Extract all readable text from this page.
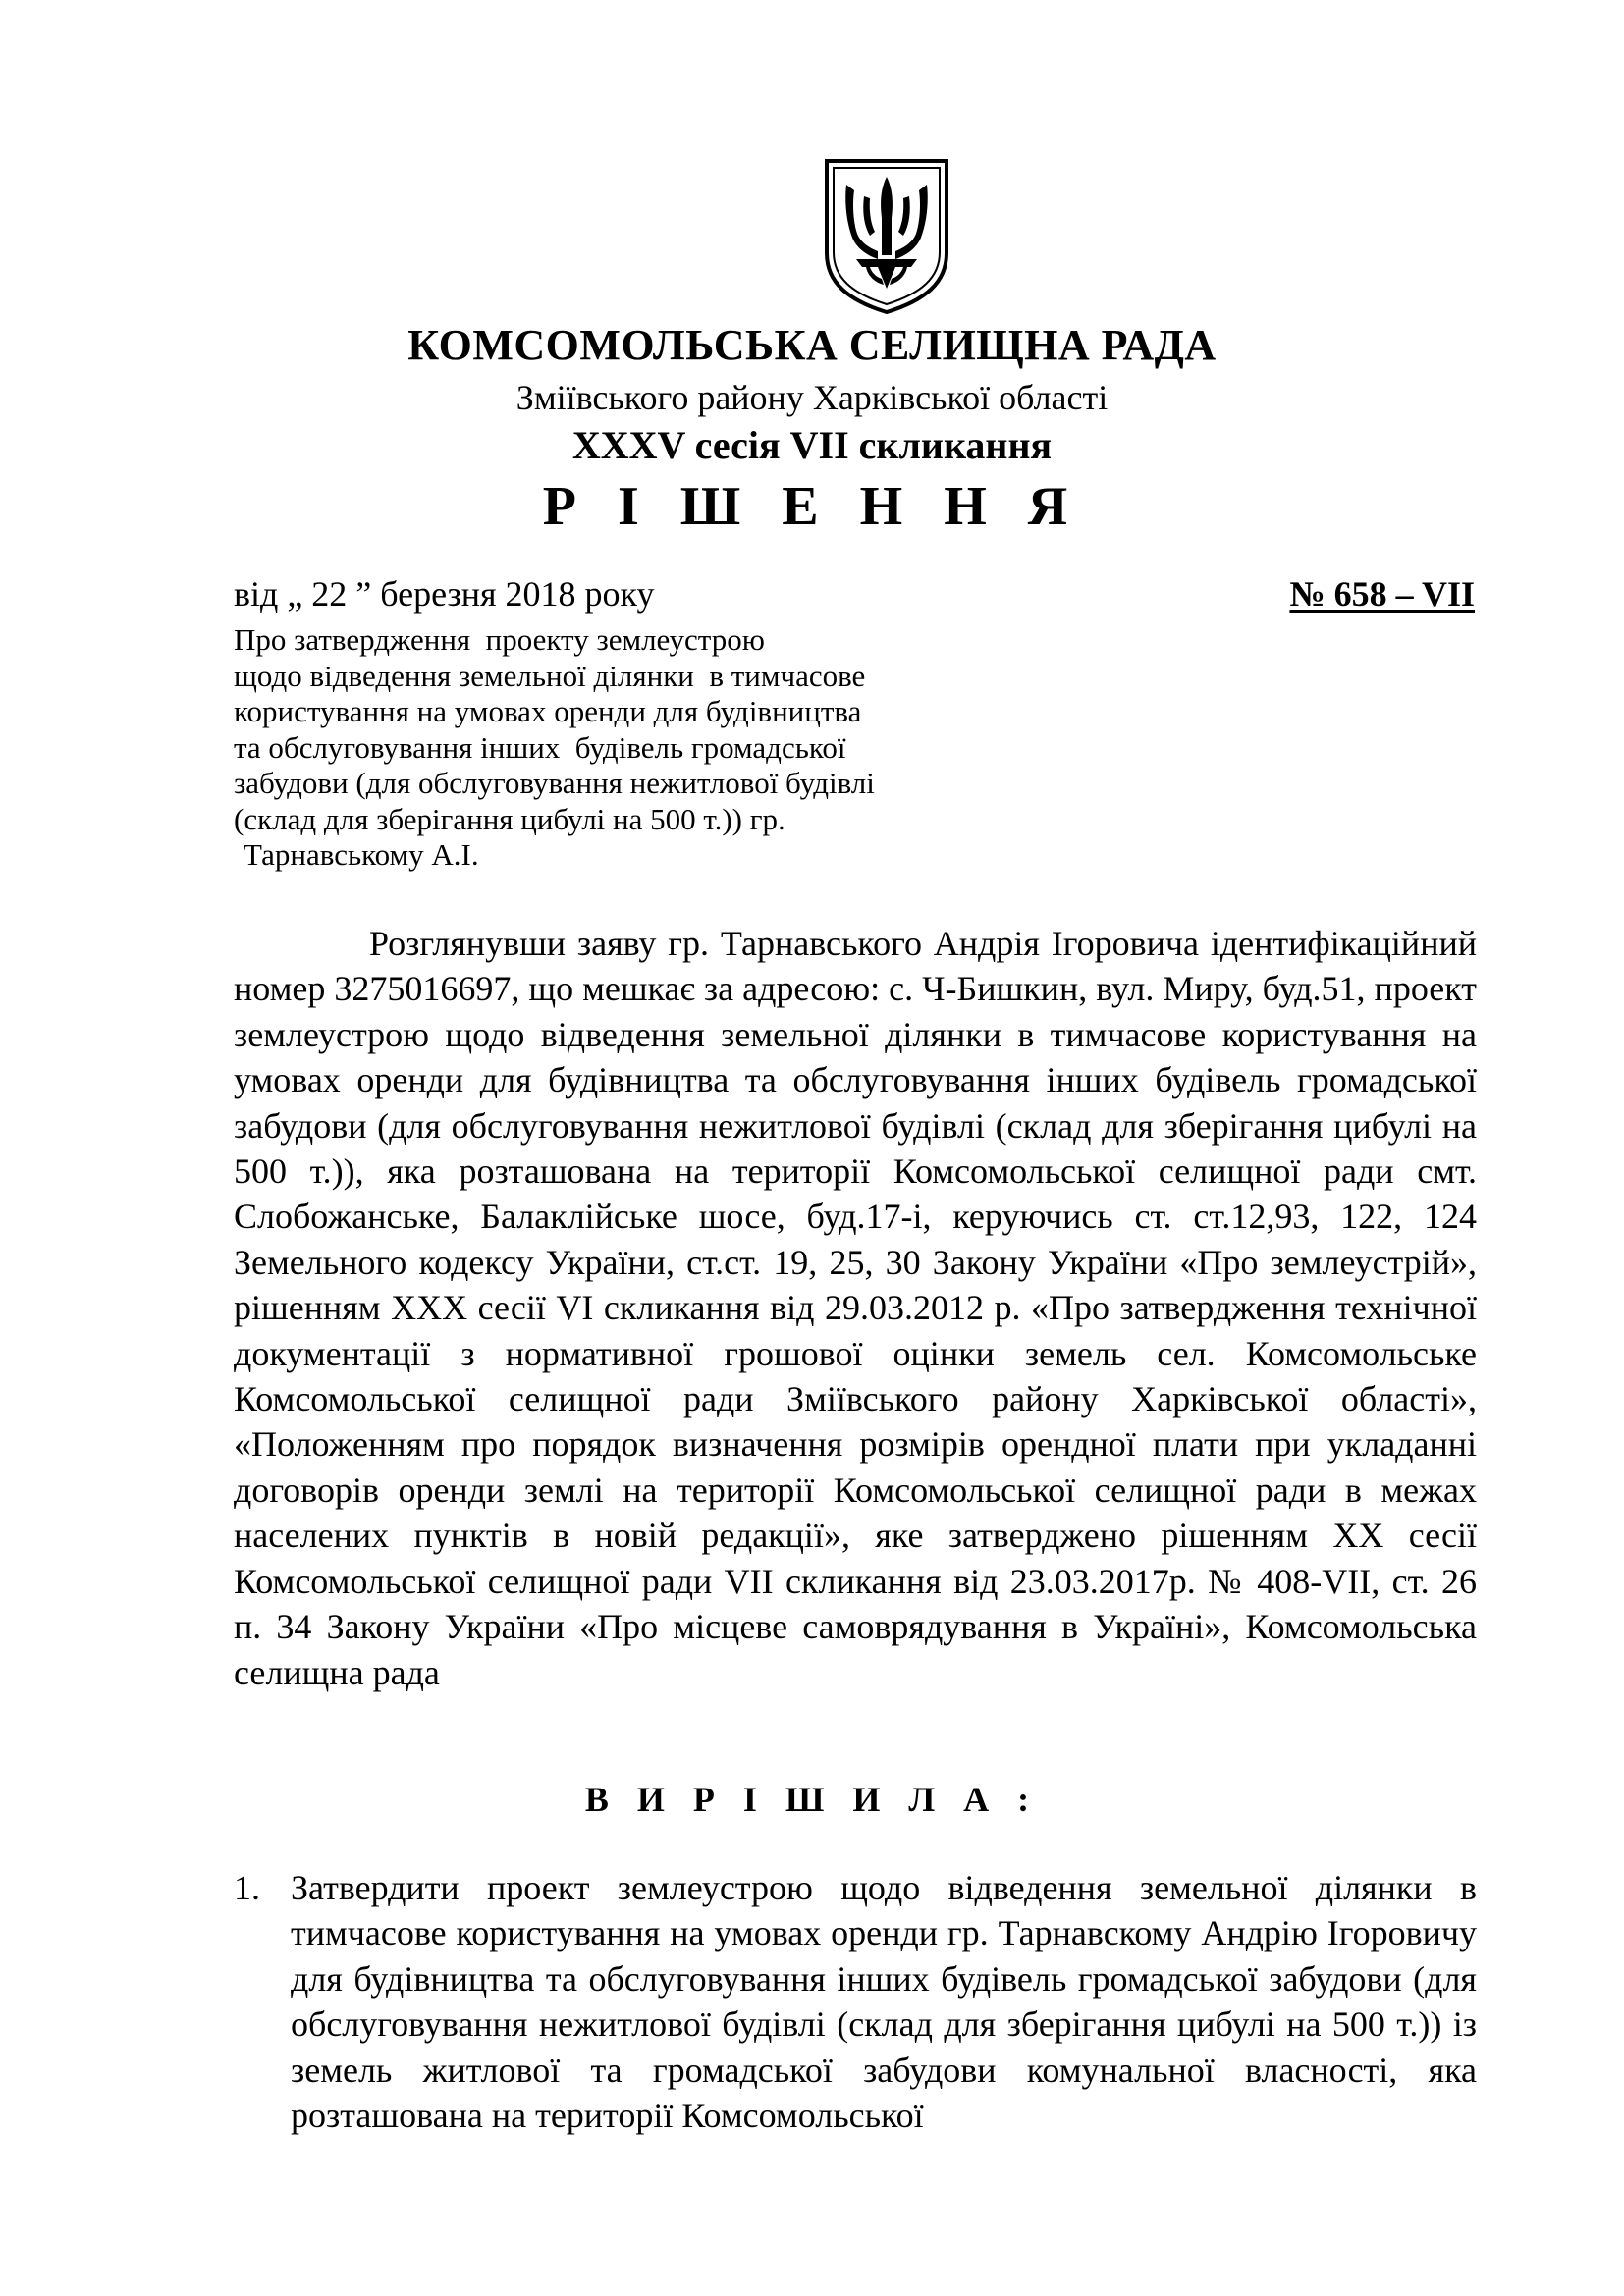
КОМСОМОЛЬСЬКА СЕЛИЩНА РАДА
Зміївського району Харківської області
XXXV сесія VII скликання
Р І Ш Е Н Н Я
від „ 22 ” березня 2018 року	№ 658 – VII

Про затвердження  проекту землеустрою
щодо відведення земельної ділянки  в тимчасове
користування на умовах оренди для будівництва
та обслуговування інших  будівель громадської
забудови (для обслуговування нежитлової будівлі
(склад для зберігання цибулі на 500 т.)) гр.
Тарнавському А.І.

Розглянувши заяву гр. Тарнавського Андрія Ігоровича ідентифікаційний номер 3275016697, що мешкає за адресою: с. Ч-Бишкин, вул. Миру, буд.51, проект землеустрою щодо відведення земельної ділянки в тимчасове користування на умовах оренди для будівництва та обслуговування інших будівель громадської забудови (для обслуговування нежитлової будівлі (склад для зберігання цибулі на 500 т.)), яка розташована на території Комсомольської селищної ради смт. Слобожанське, Балаклійське шосе, буд.17-і, керуючись ст. ст.12,93, 122, 124 Земельного кодексу України, ст.ст. 19, 25, 30 Закону України «Про землеустрій», рішенням ХХХ сесії VІ скликання від 29.03.2012 р. «Про затвердження технічної документації з нормативної грошової оцінки земель сел. Комсомольське Комсомольської селищної ради Зміївського району Харківської області», «Положенням про порядок визначення розмірів орендної плати при укладанні договорів оренди землі на території Комсомольської селищної ради в межах населених пунктів в новій редакції», яке затверджено рішенням ХХ сесії Комсомольської селищної ради VІІ скликання від 23.03.2017р. № 408-VІІ, ст. 26 п. 34 Закону України «Про місцеве самоврядування в Україні», Комсомольська селищна рада

В И Р І Ш И Л А :
1. Затвердити проект землеустрою щодо відведення земельної ділянки в тимчасове користування на умовах оренди гр. Тарнавскому Андрію Ігоровичу для будівництва та обслуговування інших будівель громадської забудови (для обслуговування нежитлової будівлі (склад для зберігання цибулі на 500 т.)) із земель житлової та громадської забудови комунальної власності, яка розташована на території Комсомольської
